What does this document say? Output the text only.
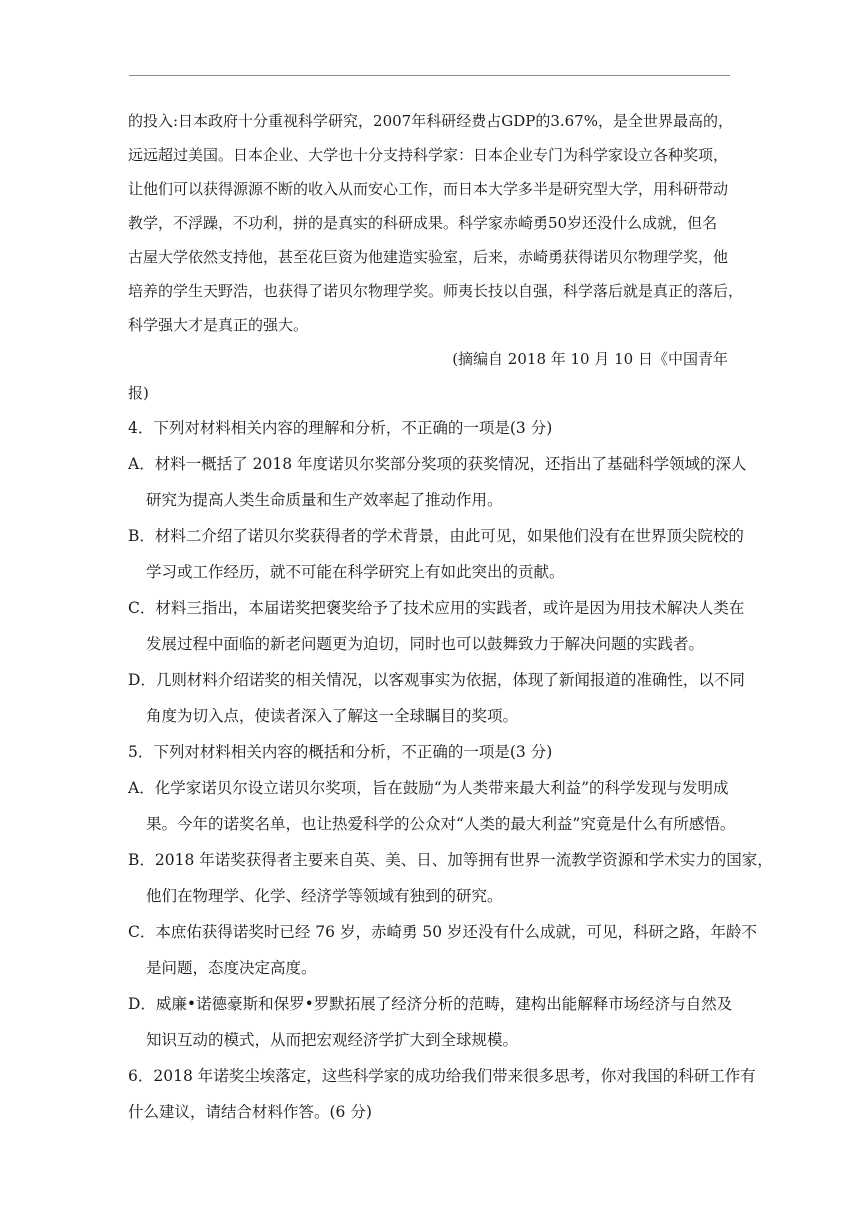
的投入:日本政府十分重视科学研究，2007年科研经费占GDP的3.67%，是全世界最高的，
远远超过美国。日本企业、大学也十分支持科学家：日本企业专门为科学家设立各种奖项，
让他们可以获得源源不断的收入从而安心工作，而日本大学多半是研究型大学，用科研带动
教学，不浮躁，不功利，拼的是真实的科研成果。科学家赤崎勇50岁还没什么成就，但名
古屋大学依然支持他，甚至花巨资为他建造实验室，后来，赤崎勇获得诺贝尔物理学奖，他
培养的学生天野浩，也获得了诺贝尔物理学奖。师夷长技以自强，科学落后就是真正的落后，
科学强大才是真正的强大。

(摘编自 2018 年 10 月 10 日《中国青年
报)

4．下列对材料相关内容的理解和分析，不正确的一项是(3 分)

A．材料一概括了 2018 年度诺贝尔奖部分奖项的获奖情况，还指出了基础科学领域的深人
研究为提高人类生命质量和生产效率起了推动作用。

B．材料二介绍了诺贝尔奖获得者的学术背景，由此可见，如果他们没有在世界顶尖院校的
学习或工作经历，就不可能在科学研究上有如此突出的贡献。

C．材料三指出，本届诺奖把褒奖给予了技术应用的实践者，或许是因为用技术解决人类在
发展过程中面临的新老问题更为迫切，同时也可以鼓舞致力于解决问题的实践者。

D．几则材料介绍诺奖的相关情况，以客观事实为依据，体现了新闻报道的准确性，以不同
角度为切入点，使读者深入了解这一全球瞩目的奖项。

5．下列对材料相关内容的概括和分析，不正确的一项是(3 分)

A．化学家诺贝尔设立诺贝尔奖项，旨在鼓励“为人类带来最大利益”的科学发现与发明成
果。今年的诺奖名单，也让热爱科学的公众对“人类的最大利益”究竟是什么有所感悟。

B．2018 年诺奖获得者主要来自英、美、日、加等拥有世界一流教学资源和学术实力的国家，
他们在物理学、化学、经济学等领域有独到的研究。

C．本庶佑获得诺奖时已经 76 岁，赤崎勇 50 岁还没有什么成就，可见，科研之路，年龄不
是问题，态度决定高度。

D．威廉•诺德豪斯和保罗•罗默拓展了经济分析的范畴，建构出能解释市场经济与自然及
知识互动的模式，从而把宏观经济学扩大到全球规模。

6．2018 年诺奖尘埃落定，这些科学家的成功给我们带来很多思考，你对我国的科研工作有
什么建议，请结合材料作答。(6 分)
